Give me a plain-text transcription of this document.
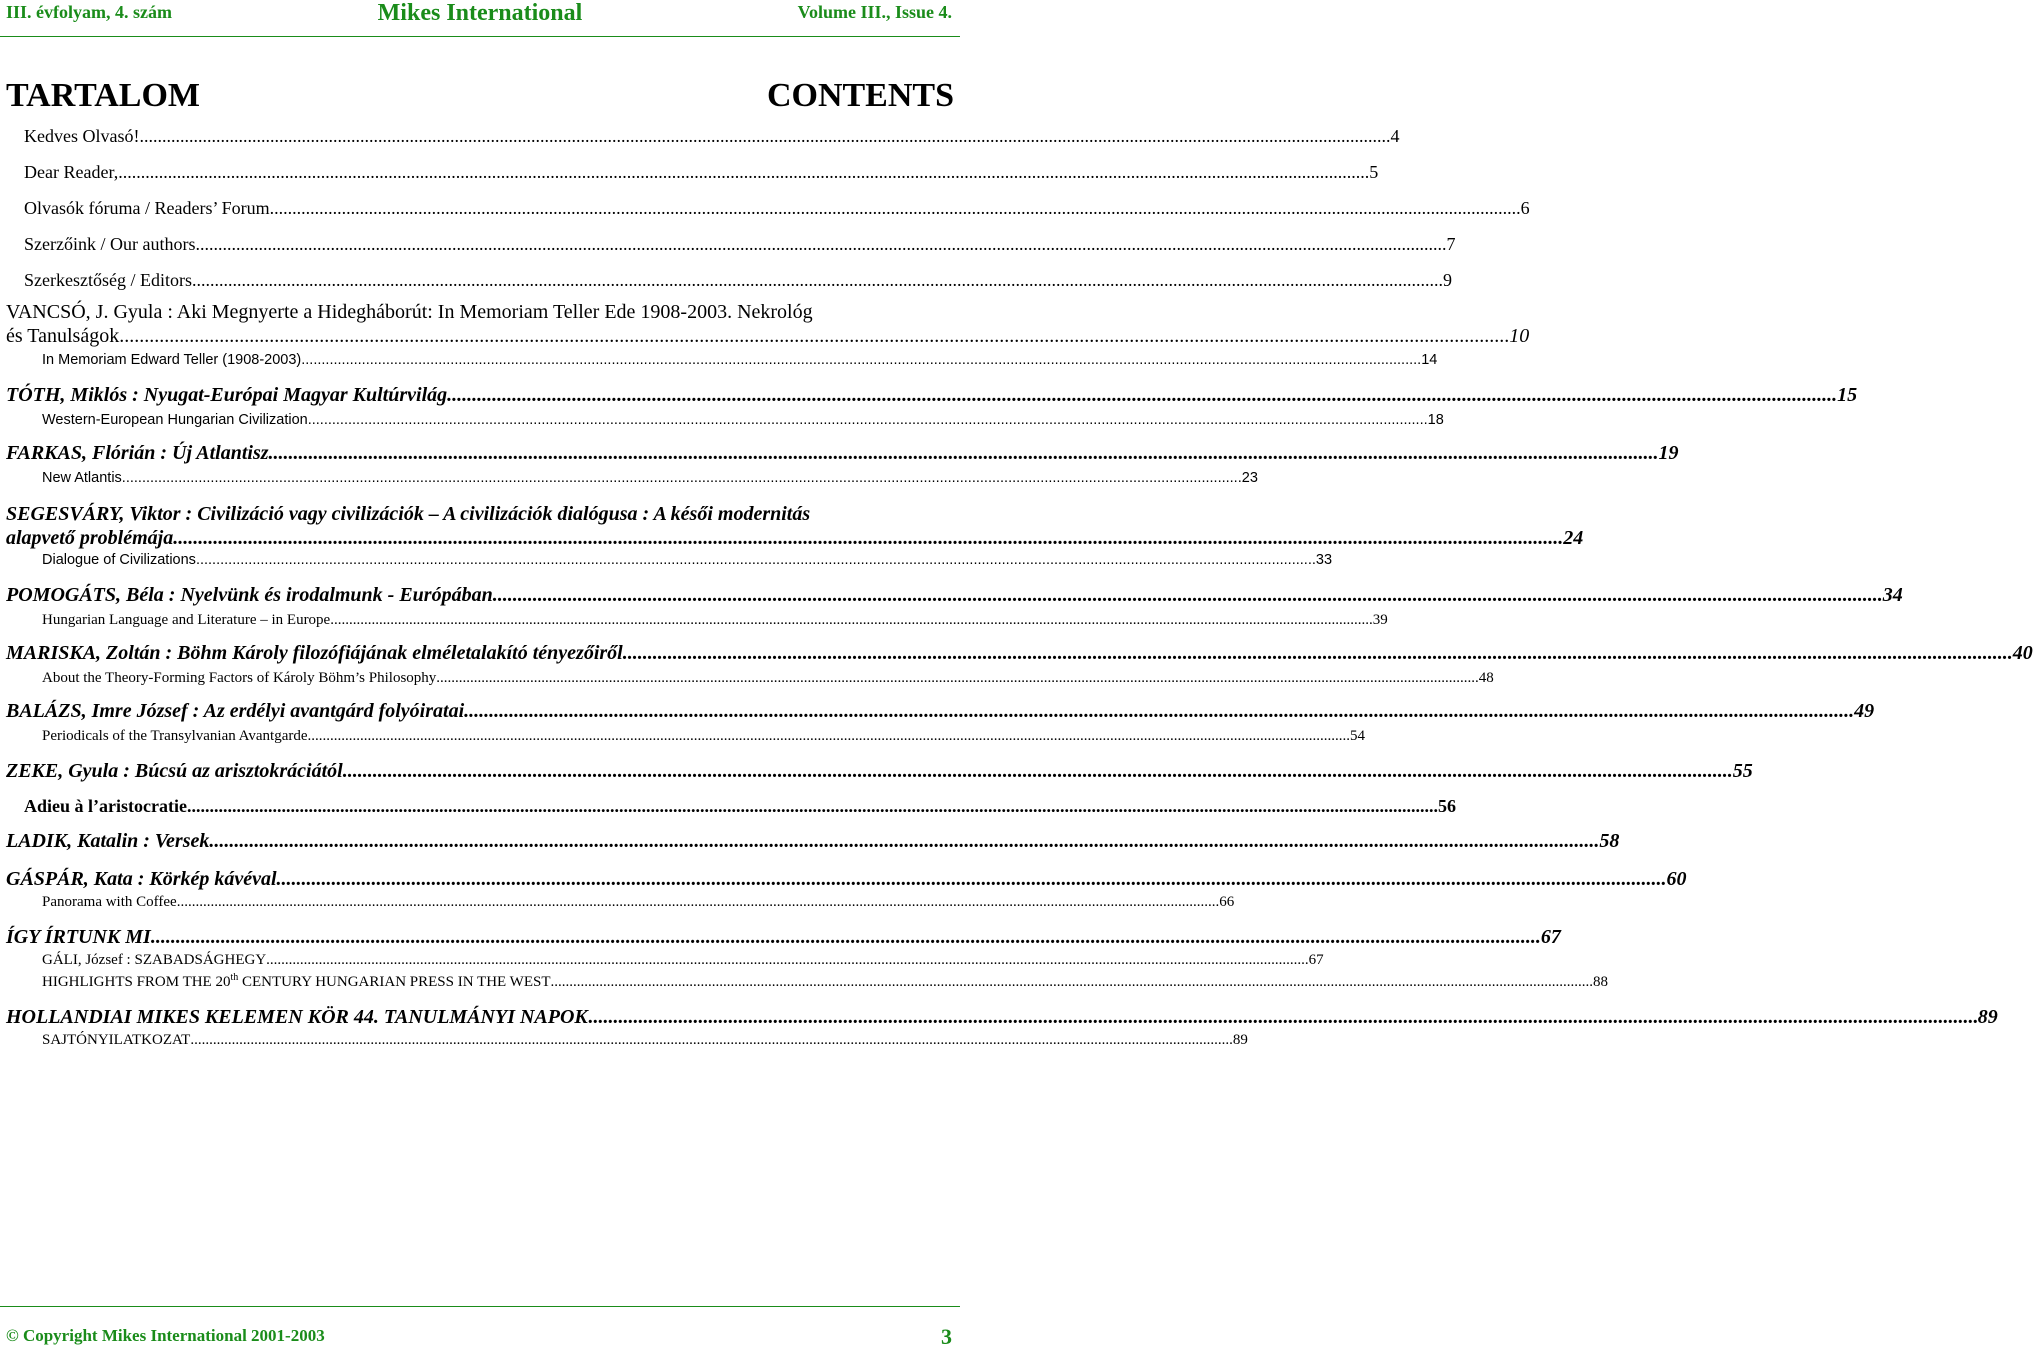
III. évfolyam, 4. szám	Mikes International	Volume III., Issue 4.
TARTALOM	CONTENTS
Kedves Olvasó! .....	4
Dear Reader, .....	5
Olvasók fóruma / Readers’ Forum .....	6
Szerzőink / Our authors .....	7
Szerkesztőség / Editors .....	9
VANCSÓ, J. Gyula : Aki Megnyerte a Hidegháborút: In Memoriam Teller Ede 1908-2003. Nekrológ
és Tanulságok .....	10
In Memoriam Edward Teller (1908-2003) .....	14
TÓTH, Miklós : Nyugat-Európai Magyar Kultúrvilág .....	15
Western-European Hungarian Civilization .....	18
FARKAS, Flórián : Új Atlantisz .....	19
New Atlantis .....	23
SEGESVÁRY, Viktor : Civilizáció vagy civilizációk – A civilizációk dialógusa : A késői modernitás
alapvető problémája .....	24
Dialogue of Civilizations .....	33
POMOGÁTS, Béla : Nyelvünk és irodalmunk - Európában .....	34
Hungarian Language and Literature – in Europe .....	39
MARISKA, Zoltán : Böhm Károly filozófiájának elméletalakító tényezőiről .....	40
About the Theory-Forming Factors of Károly Böhm’s Philosophy .....	48
BALÁZS, Imre József : Az erdélyi avantgárd folyóiratai .....	49
Periodicals of the Transylvanian Avantgarde .....	54
ZEKE, Gyula : Búcsú az arisztokráciától .....	55
Adieu à l’aristocratie .....	56
LADIK, Katalin : Versek .....	58
GÁSPÁR, Kata : Körkép kávéval .....	60
Panorama with Coffee .....	66
ÍGY ÍRTUNK MI .....	67
GÁLI, József : SZABADSÁGHEGY .....	67
HIGHLIGHTS FROM THE 20th CENTURY HUNGARIAN PRESS IN THE WEST .....	88
HOLLANDIAI MIKES KELEMEN KÖR 44. TANULMÁNYI NAPOK .....	89
SAJTÓNYILATKOZAT .....	89
© Copyright Mikes International 2001-2003	3
